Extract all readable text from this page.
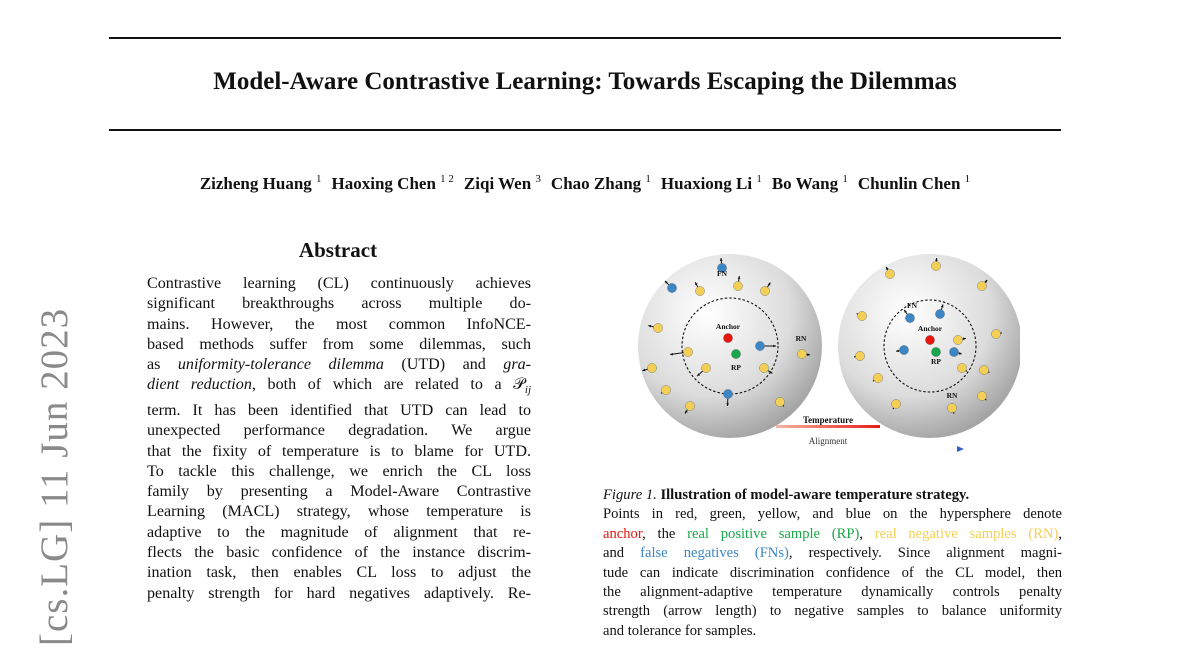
Model-Aware Contrastive Learning: Towards Escaping the Dilemmas
Zizheng Huang $^1$ Haoxing Chen $^{1 2}$ Ziqi Wen $^3$ Chao Zhang $^1$ Huaxiong Li $^1$ Bo Wang $^1$ Chunlin Chen $^1$
[cs.LG] 11 Jun 2023
Abstract
Contrastive learning (CL) continuously achieves
significant breakthroughs across multiple do-
mains. However, the most common InfoNCE-
based methods suffer from some dilemmas, such
as uniformity-tolerance dilemma (UTD) and gra-
dient reduction, both of which are related to a 𝒫$_{ij}$
term. It has been identified that UTD can lead to
unexpected performance degradation. We argue
that the fixity of temperature is to blame for UTD.
To tackle this challenge, we enrich the CL loss
family by presenting a Model-Aware Contrastive
Learning (MACL) strategy, whose temperature is
adaptive to the magnitude of alignment that re-
flects the basic confidence of the instance discrim-
ination task, then enables CL loss to adjust the
penalty strength for hard negatives adaptively. Re-
Anchor
RP
RN
FN
Anchor
RP
RN
FN
Temperature
Alignment
Figure 1. Illustration of model-aware temperature strategy.
Points in red, green, yellow, and blue on the hypersphere denote
anchor, the real positive sample (RP), real negative samples (RN),
and false negatives (FNs), respectively. Since alignment magni-
tude can indicate discrimination confidence of the CL model, then
the alignment-adaptive temperature dynamically controls penalty
strength (arrow length) to negative samples to balance uniformity
and tolerance for samples.
